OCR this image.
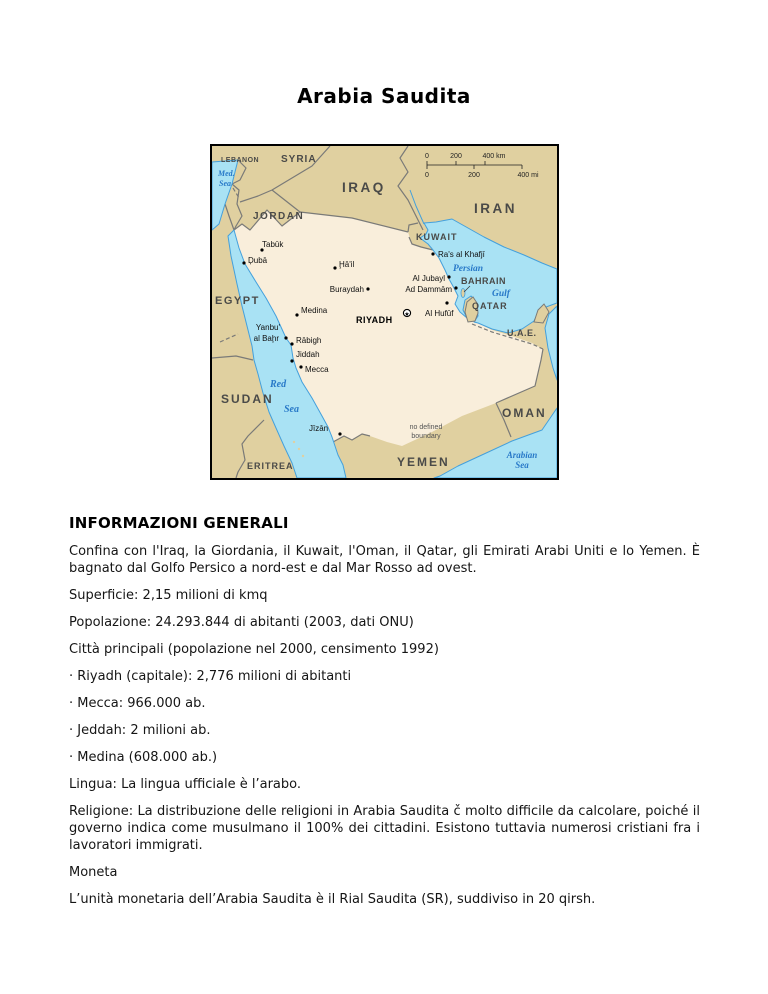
Arabia Saudita
0	200	400 km
0	200	400 mi
LEBANON SYRIA
IRAQ
IRAN
JORDAN
KUWAIT
EGYPT
SUDAN
ERITREA	YEMEN
OMAN
QATAR
BAHRAIN
U.A.E.
Med.
Sea
Persian
Gulf
Red
Sea
Arabian
Sea
no defined
boundary
★
Tabūk
Ḑubā	Ḩā'il
Ra's al Khafjī
Al Jubayl
Buraydah	Ad Dammām
Medina
RIYADH
Al Hufūf
Yanbu'
al Baḩr Rābigh
Jiddah
Mecca
Jīzān
INFORMAZIONI GENERALI

Confina con l'Iraq, la Giordania, il Kuwait, l'Oman, il Qatar, gli Emirati Arabi Uniti e lo Yemen. È bagnato dal Golfo Persico a nord-est e dal Mar Rosso ad ovest.

Superficie: 2,15 milioni di kmq

Popolazione: 24.293.844 di abitanti (2003, dati ONU)

Città principali (popolazione nel 2000, censimento 1992)

· Riyadh (capitale): 2,776 milioni di abitanti

· Mecca: 966.000 ab.

· Jeddah: 2 milioni ab.

· Medina (608.000 ab.)

Lingua: La lingua ufficiale è l’arabo.

Religione: La distribuzione delle religioni in Arabia Saudita č molto difficile da calcolare, poiché il governo indica come musulmano il 100% dei cittadini. Esistono tuttavia numerosi cristiani fra i lavoratori immigrati.

Moneta

L’unità monetaria dell’Arabia Saudita è il Rial Saudita (SR), suddiviso in 20 qirsh.
